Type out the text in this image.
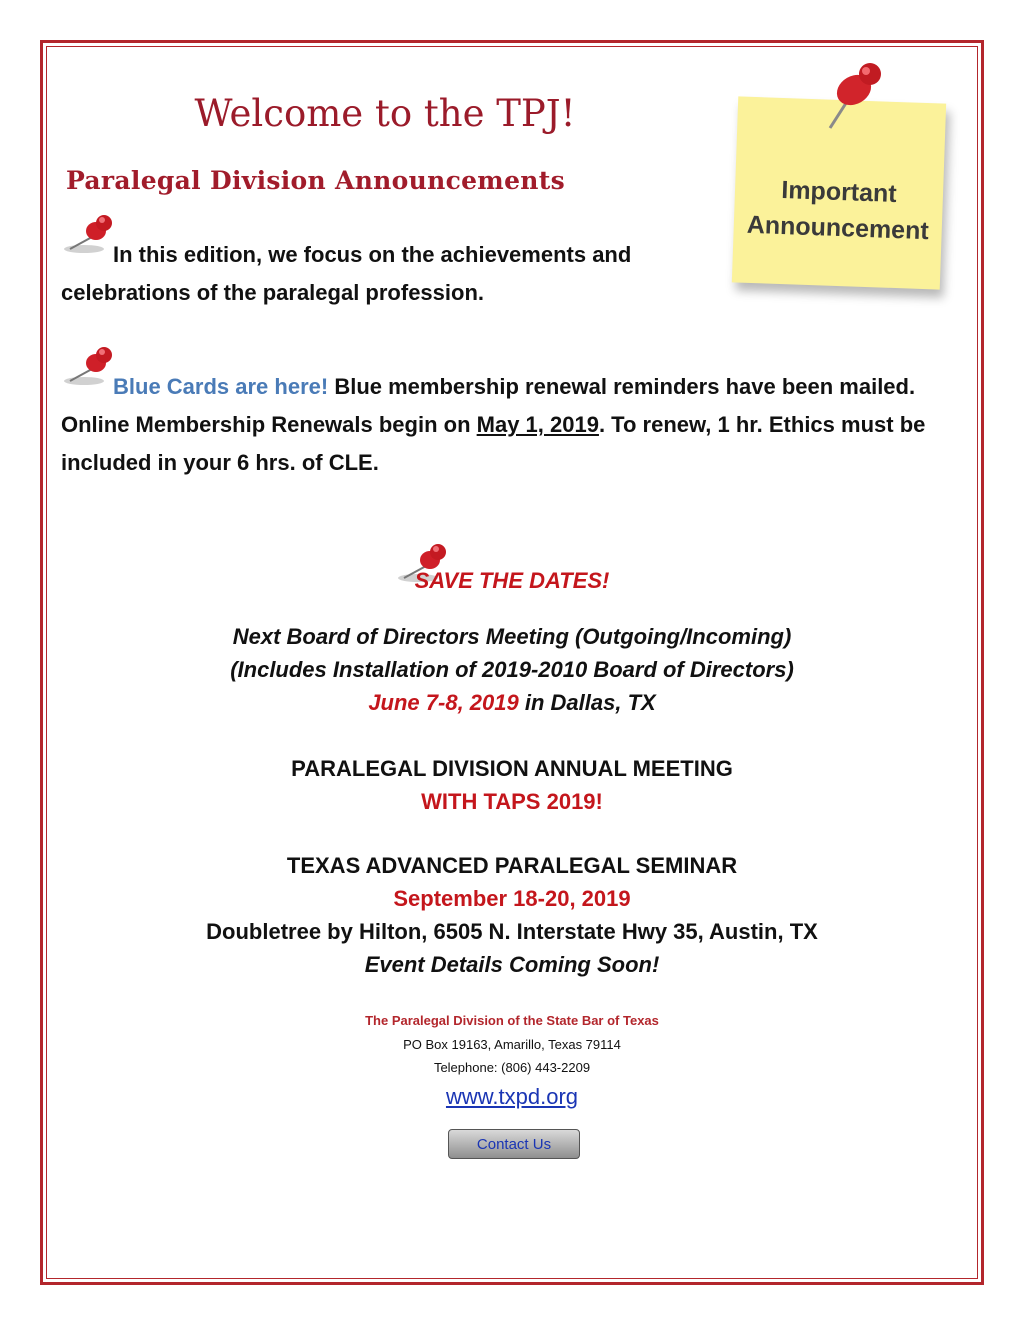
Welcome to the TPJ!
Paralegal Division Announcements	Important
Announcement

In this edition, we focus on the achievements and
celebrations of the paralegal profession.

Blue Cards are here! Blue membership renewal reminders have been mailed. Online Membership Renewals begin on May 1, 2019. To renew, 1 hr. Ethics must be included in your 6 hrs. of CLE.

SAVE THE DATES!

Next Board of Directors Meeting (Outgoing/Incoming)
(Includes Installation of 2019-2010 Board of Directors)
June 7-8, 2019 in Dallas, TX
PARALEGAL DIVISION ANNUAL MEETING
WITH TAPS 2019!
TEXAS ADVANCED PARALEGAL SEMINAR
September 18-20, 2019
Doubletree by Hilton, 6505 N. Interstate Hwy 35, Austin, TX
Event Details Coming Soon!

The Paralegal Division of the State Bar of Texas

PO Box 19163, Amarillo, Texas 79114

Telephone: (806) 443-2209

www.txpd.org

Contact Us
